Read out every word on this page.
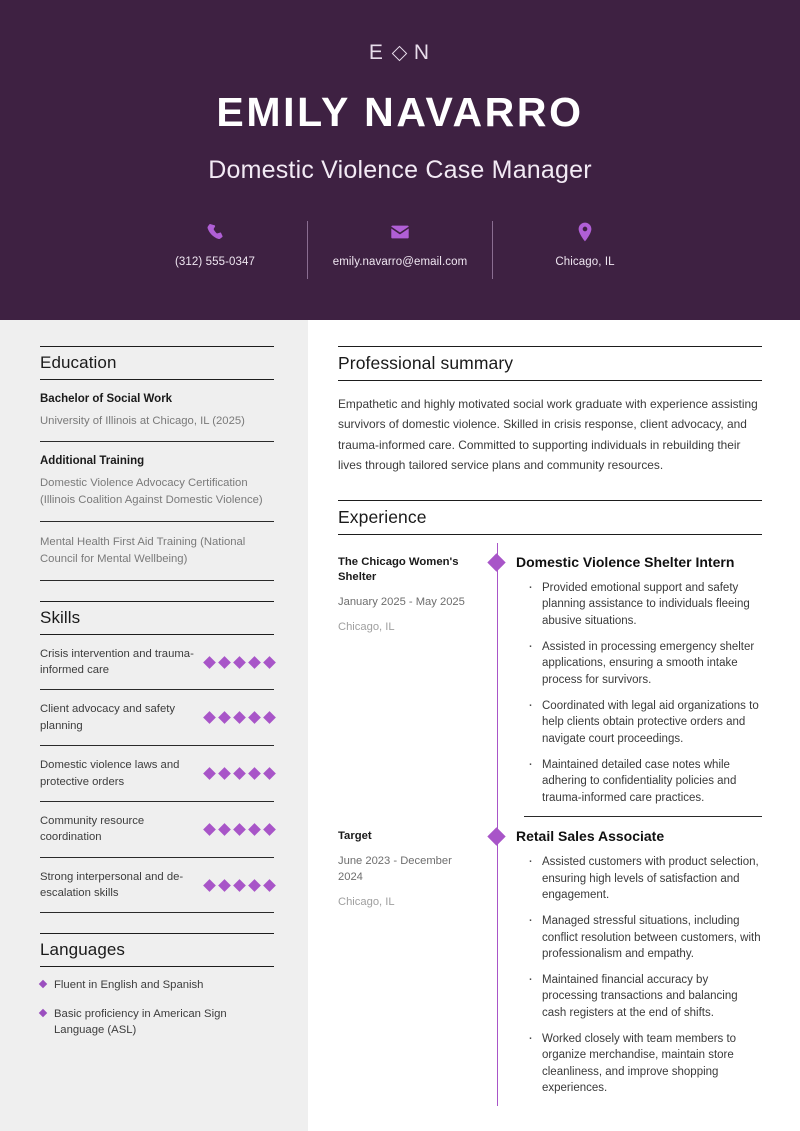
E N
EMILY NAVARRO
Domestic Violence Case Manager
(312) 555-0347	emily.navarro@email.com	Chicago, IL
Education
Bachelor of Social Work
University of Illinois at Chicago, IL (2025)
Additional Training
Domestic Violence Advocacy Certification (Illinois Coalition Against Domestic Violence)
Mental Health First Aid Training (National Council for Mental Wellbeing)
Skills
Crisis intervention and trauma-informed care
Client advocacy and safety planning
Domestic violence laws and protective orders
Community resource coordination
Strong interpersonal and de-escalation skills
Languages
Fluent in English and Spanish
Basic proficiency in American Sign Language (ASL)
Professional summary
Empathetic and highly motivated social work graduate with experience assisting survivors of domestic violence. Skilled in crisis response, client advocacy, and trauma-informed care. Committed to supporting individuals in rebuilding their lives through tailored service plans and community resources.
Experience
The Chicago Women's Shelter
January 2025 - May 2025
Chicago, IL
Domestic Violence Shelter Intern
· Provided emotional support and safety planning assistance to individuals fleeing abusive situations.
· Assisted in processing emergency shelter applications, ensuring a smooth intake process for survivors.
· Coordinated with legal aid organizations to help clients obtain protective orders and navigate court proceedings.
· Maintained detailed case notes while adhering to confidentiality policies and trauma-informed care practices.
Target
June 2023 - December 2024
Chicago, IL
Retail Sales Associate
· Assisted customers with product selection, ensuring high levels of satisfaction and engagement.
· Managed stressful situations, including conflict resolution between customers, with professionalism and empathy.
· Maintained financial accuracy by processing transactions and balancing cash registers at the end of shifts.
· Worked closely with team members to organize merchandise, maintain store cleanliness, and improve shopping experiences.
